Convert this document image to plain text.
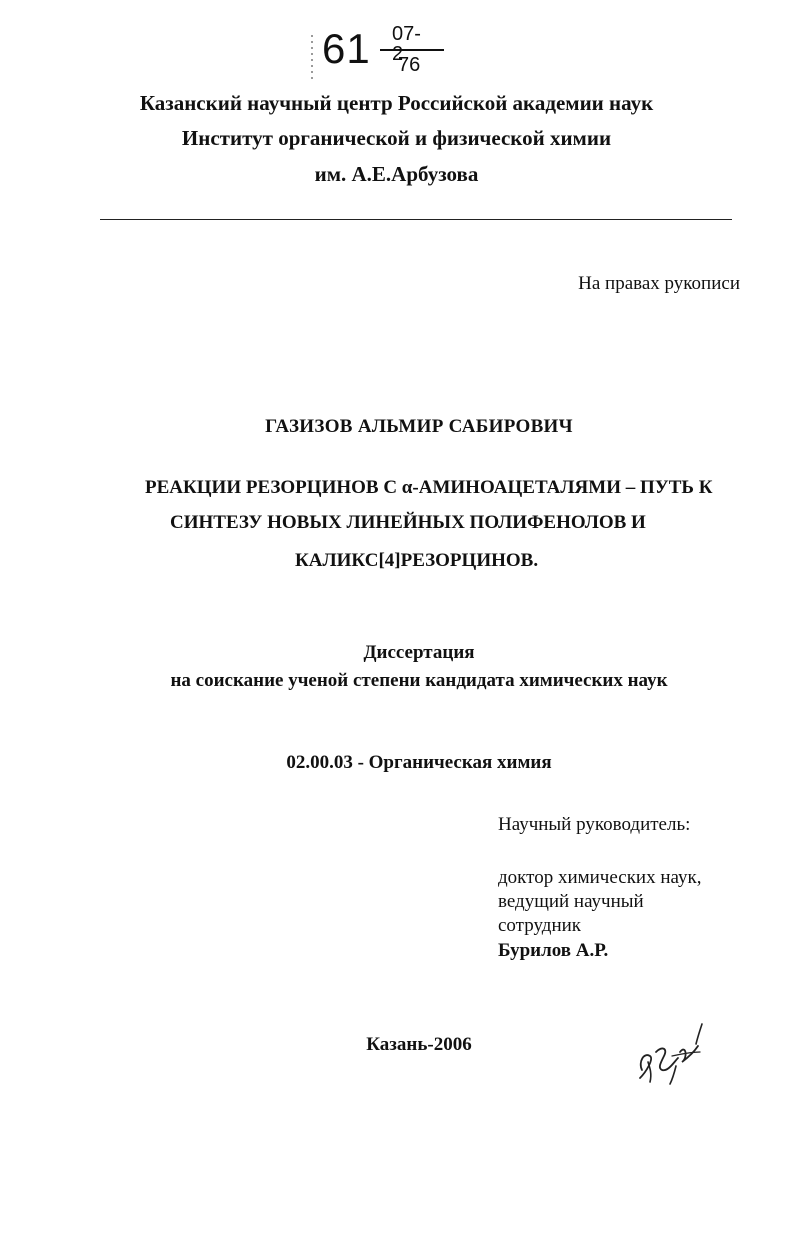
61 07-2
76
Казанский научный центр Российской академии наук
Институт органической и физической химии
им. А.Е.Арбузова
На правах рукописи
ГАЗИЗОВ АЛЬМИР САБИРОВИЧ
РЕАКЦИИ РЕЗОРЦИНОВ С α-АМИНОАЦЕТАЛЯМИ – ПУТЬ К
СИНТЕЗУ НОВЫХ ЛИНЕЙНЫХ ПОЛИФЕНОЛОВ И
КАЛИКС[4]РЕЗОРЦИНОВ.
Диссертация
на соискание ученой степени кандидата химических наук
02.00.03 - Органическая химия
Научный руководитель:
доктор химических наук,
ведущий научный
сотрудник
Бурилов А.Р.
Казань-2006
